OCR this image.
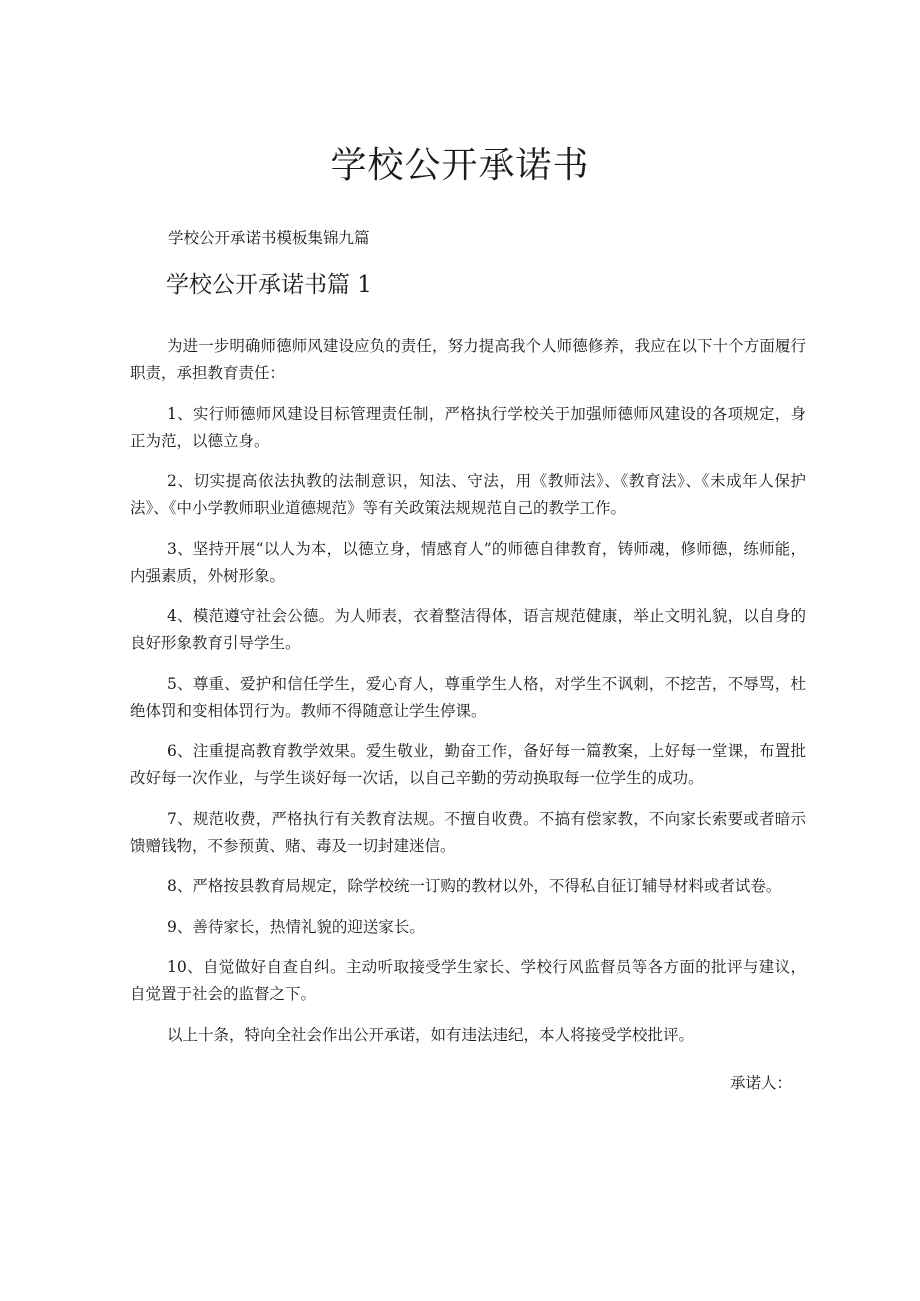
学校公开承诺书
学校公开承诺书模板集锦九篇
学校公开承诺书篇 1

为进一步明确师德师风建设应负的责任，努力提高我个人师德修养，我应在以下十个方面履行职责，承担教育责任：

1、实行师德师风建设目标管理责任制，严格执行学校关于加强师德师风建设的各项规定，身正为范，以德立身。

2、切实提高依法执教的法制意识，知法、守法，用《教师法》、《教育法》、《未成年人保护法》、《中小学教师职业道德规范》等有关政策法规规范自己的教学工作。

3、坚持开展“以人为本，以德立身，情感育人”的师德自律教育，铸师魂，修师德，练师能，内强素质，外树形象。

4、模范遵守社会公德。为人师表，衣着整洁得体，语言规范健康，举止文明礼貌，以自身的良好形象教育引导学生。

5、尊重、爱护和信任学生，爱心育人，尊重学生人格，对学生不讽刺，不挖苦，不辱骂，杜绝体罚和变相体罚行为。教师不得随意让学生停课。

6、注重提高教育教学效果。爱生敬业，勤奋工作，备好每一篇教案，上好每一堂课，布置批改好每一次作业，与学生谈好每一次话，以自己辛勤的劳动换取每一位学生的成功。

7、规范收费，严格执行有关教育法规。不擅自收费。不搞有偿家教，不向家长索要或者暗示馈赠钱物，不参预黄、赌、毒及一切封建迷信。

8、严格按县教育局规定，除学校统一订购的教材以外，不得私自征订辅导材料或者试卷。

9、善待家长，热情礼貌的迎送家长。

10、自觉做好自查自纠。主动听取接受学生家长、学校行风监督员等各方面的批评与建议，自觉置于社会的监督之下。

以上十条，特向全社会作出公开承诺，如有违法违纪，本人将接受学校批评。

承诺人：
